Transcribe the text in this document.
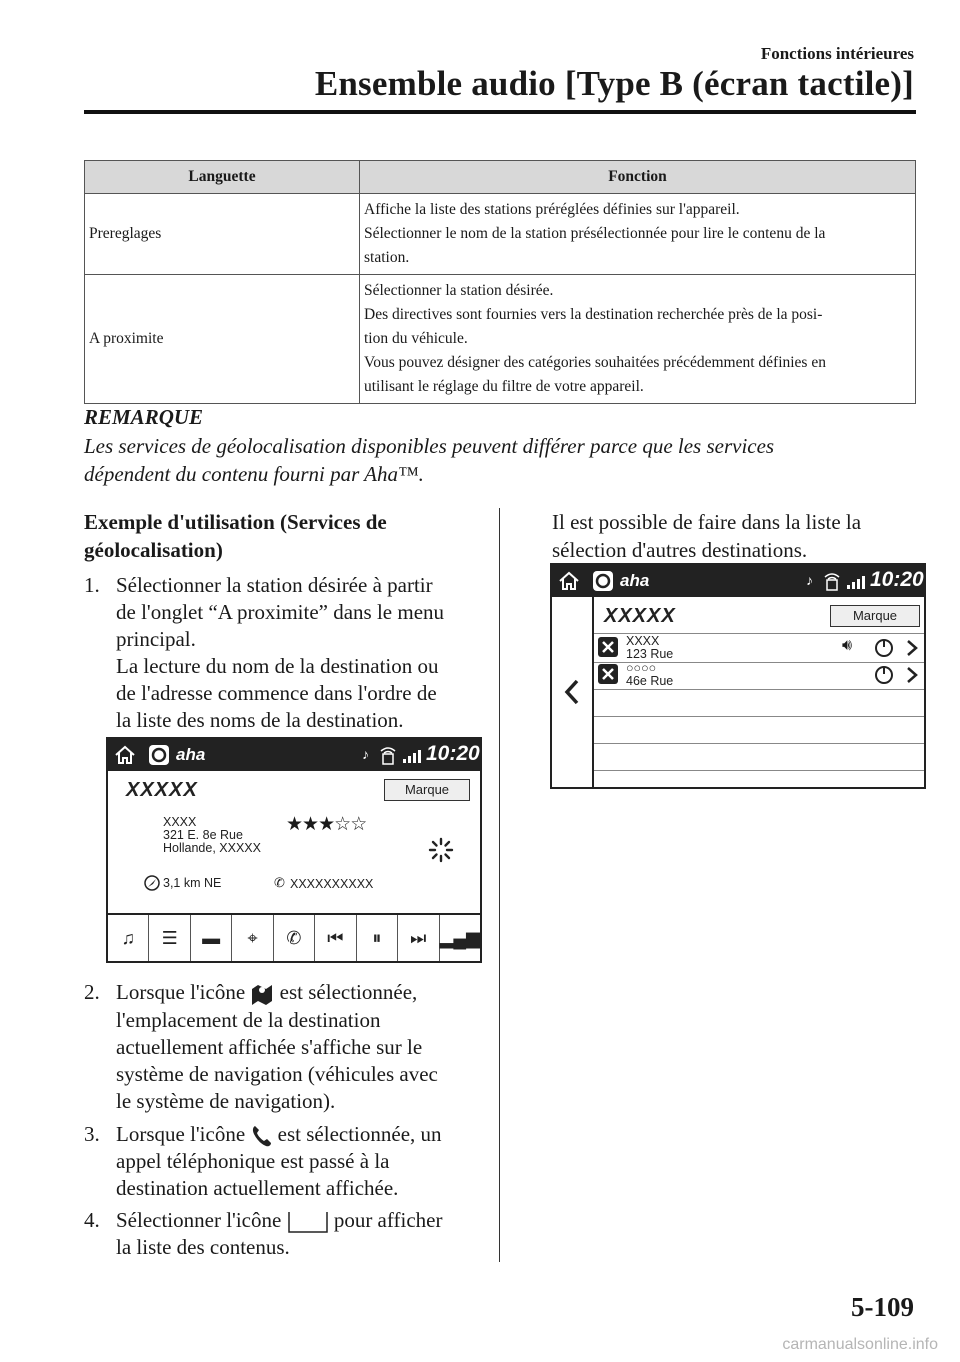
Fonctions intérieures
Ensemble audio [Type B (écran tactile)]
Languette	Fonction
Prereglages	Affiche la liste des stations préréglées définies sur l'appareil.
Sélectionner le nom de la station présélectionnée pour lire le contenu de la
station.

A proximite	Sélectionner la station désirée.
Des directives sont fournies vers la destination recherchée près de la posi-
tion du véhicule.
Vous pouvez désigner des catégories souhaitées précédemment définies en
utilisant le réglage du filtre de votre appareil.
REMARQUE
Les services de géolocalisation disponibles peuvent différer parce que les services
dépendent du contenu fourni par Aha™.
Exemple d'utilisation (Services de
géolocalisation)
1. Sélectionner la station désirée à partir
de l'onglet “A proximite” dans le menu
principal.
La lecture du nom de la destination ou
de l'adresse commence dans l'ordre de
la liste des noms de la destination.
aha	♪	10:20
XXXXX	Marque
XXXX
321 E. 8e Rue
Hollande, XXXXX
★★★☆☆
3,1 km NE	✆ XXXXXXXXXX
♫	☰	▬	⌖	✆	⏮	⏸	⏭ ▂▄▆
2. Lorsque l'icône est sélectionnée,
l'emplacement de la destination
actuellement affichée s'affiche sur le
système de navigation (véhicules avec
le système de navigation).
3. Lorsque l'icône est sélectionnée, un
appel téléphonique est passé à la
destination actuellement affichée.
4. Sélectionner l'icône	pour afficher
la liste des contenus.
Il est possible de faire dans la liste la
sélection d'autres destinations.
aha	♪	10:20
XXXXX	Marque
XXXX
123 Rue	🔊︎
○○○○
46e Rue
5-109
carmanualsonline.info
